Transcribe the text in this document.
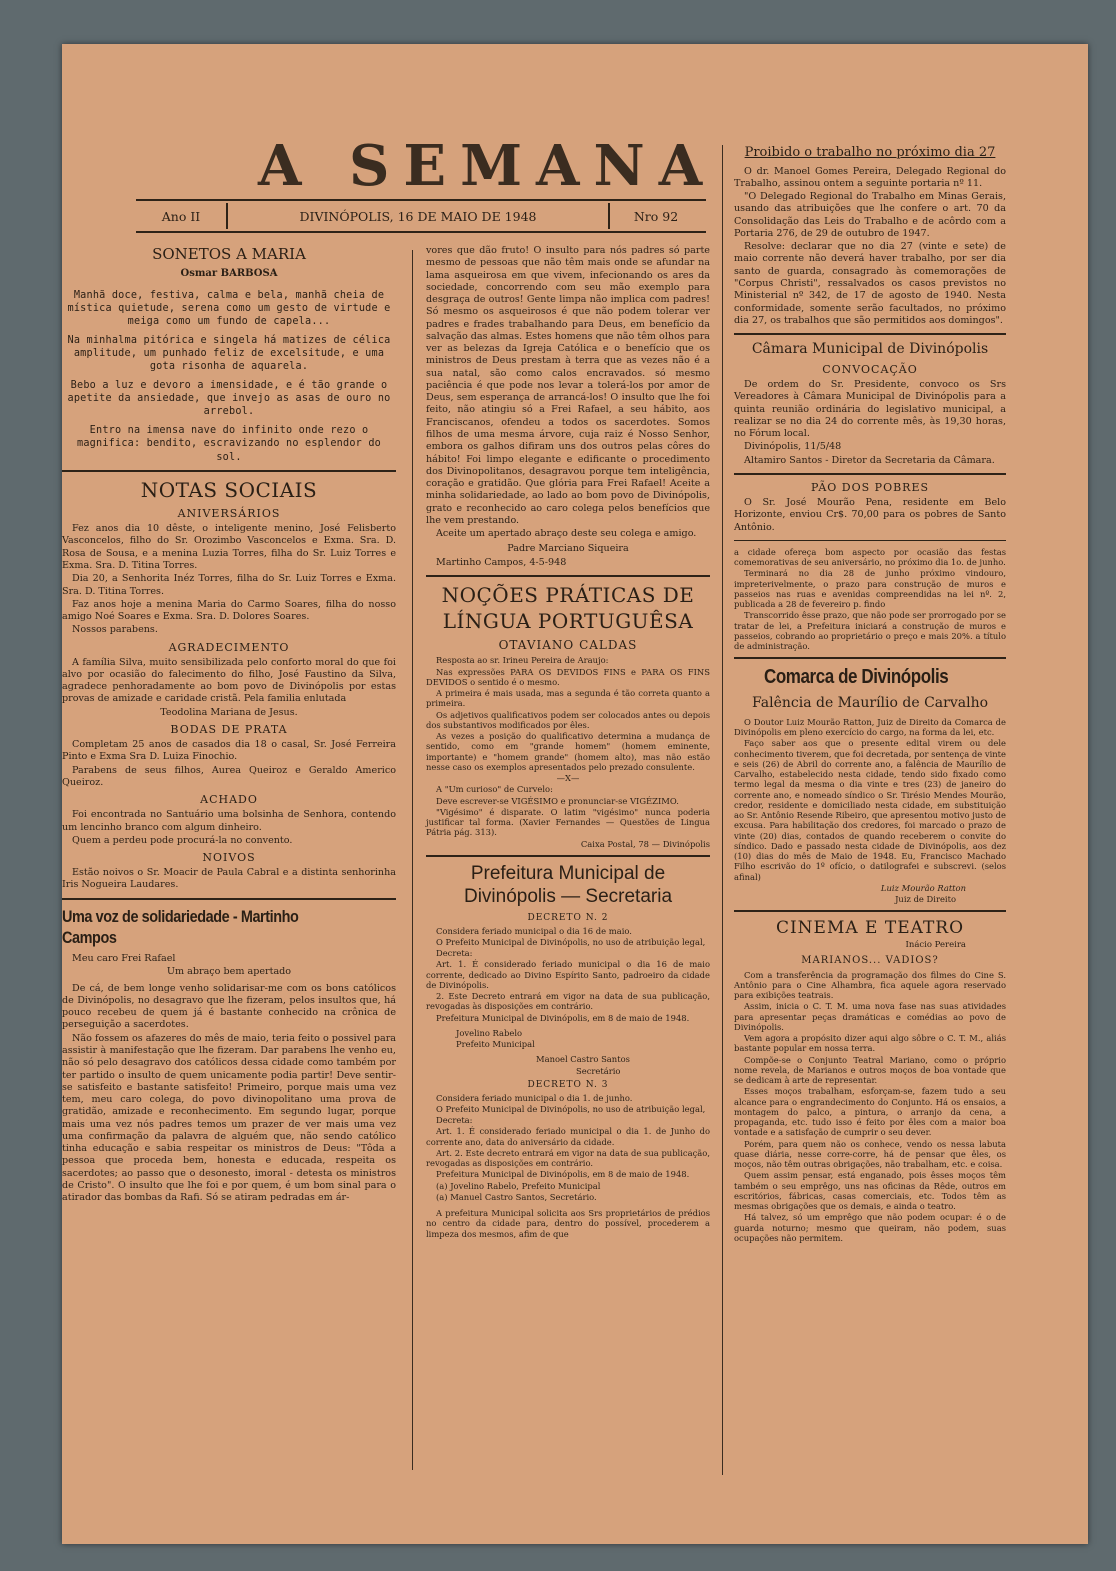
A SEMANA
Ano II	DIVINÓPOLIS, 16 DE MAIO DE 1948	Nro 92
SONETOS A MARIA

Osmar BARBOSA

Manhã doce, festiva, calma e bela, manhã cheia de mística quietude, serena como um gesto de virtude e meiga como um fundo de capela...

Na minhalma pitórica e singela há matizes de célica amplitude, um punhado feliz de excelsitude, e uma gota risonha de aquarela.

Bebo a luz e devoro a imensidade, e é tão grande o apetite da ansiedade, que invejo as asas de ouro no arrebol.

Entro na imensa nave do infinito onde rezo o magnifica: bendito, escravizando no esplendor do sol.

NOTAS SOCIAIS
ANIVERSÁRIOS

Fez anos dia 10 dêste, o inteligente menino, José Felisberto Vasconcelos, filho do Sr. Orozimbo Vasconcelos e Exma. Sra. D. Rosa de Sousa, e a menina Luzia Torres, filha do Sr. Luiz Torres e Exma. Sra. D. Titina Torres.

Dia 20, a Senhorita Inéz Torres, filha do Sr. Luiz Torres e Exma. Sra. D. Titina Torres.

Faz anos hoje a menina Maria do Carmo Soares, filha do nosso amigo Noé Soares e Exma. Sra. D. Dolores Soares.

Nossos parabens.

AGRADECIMENTO

A família Silva, muito sensibilizada pelo conforto moral do que foi alvo por ocasião do falecimento do filho, José Faustino da Silva, agradece penhoradamente ao bom povo de Divinópolis por estas provas de amizade e caridade cristã. Pela familia enlutada

Teodolina Mariana de Jesus.

BODAS DE PRATA

Completam 25 anos de casados dia 18 o casal, Sr. José Ferreira Pinto e Exma Sra D. Luiza Finochio.

Parabens de seus filhos, Aurea Queiroz e Geraldo Americo Queiroz.

ACHADO

Foi encontrada no Santuário uma bolsinha de Senhora, contendo um lencinho branco com algum dinheiro.

Quem a perdeu pode procurá-la no convento.

NOIVOS

Estão noivos o Sr. Moacir de Paula Cabral e a distinta senhorinha Iris Nogueira Laudares.

Uma voz de solidariedade - Martinho Campos

Meu caro Frei Rafael

Um abraço bem apertado

De cá, de bem longe venho solidarisar-me com os bons católicos de Divinópolis, no desagravo que lhe fizeram, pelos insultos que, há pouco recebeu de quem já é bastante conhecido na crônica de perseguição a sacerdotes.

Não fossem os afazeres do mês de maio, teria feito o possivel para assistir à manifestação que lhe fizeram. Dar parabens lhe venho eu, não só pelo desagravo dos católicos dessa cidade como também por ter partido o insulto de quem unicamente podia partir! Deve sentir-se satisfeito e bastante satisfeito! Primeiro, porque mais uma vez tem, meu caro colega, do povo divinopolitano uma prova de gratidão, amizade e reconhecimento. Em segundo lugar, porque mais uma vez nós padres temos um prazer de ver mais uma vez uma confirmação da palavra de alguém que, não sendo católico tinha educação e sabia respeitar os ministros de Deus: "Tôda a pessoa que proceda bem, honesta e educada, respeita os sacerdotes; ao passo que o desonesto, imoral - detesta os ministros de Cristo". O insulto que lhe foi e por quem, é um bom sinal para o atirador das bombas da Rafi. Só se atiram pedradas em ár-

vores que dão fruto! O insulto para nós padres só parte mesmo de pessoas que não têm mais onde se afundar na lama asqueirosa em que vivem, infecionando os ares da sociedade, concorrendo com seu mão exemplo para desgraça de outros! Gente limpa não implica com padres! Só mesmo os asqueirosos é que não podem tolerar ver padres e frades trabalhando para Deus, em benefício da salvação das almas. Estes homens que não têm olhos para ver as belezas da Igreja Católica e o benefício que os ministros de Deus prestam à terra que as vezes não é a sua natal, são como calos encravados. só mesmo paciência é que pode nos levar a tolerá-los por amor de Deus, sem esperança de arrancá-los! O insulto que lhe foi feito, não atingiu só a Frei Rafael, a seu hábito, aos Franciscanos, ofendeu a todos os sacerdotes. Somos filhos de uma mesma árvore, cuja raiz é Nosso Senhor, embora os galhos difiram uns dos outros pelas côres do hábito! Foi limpo elegante e edificante o procedimento dos Divinopolitanos, desagravou porque tem inteligência, coração e gratidão. Que glória para Frei Rafael! Aceite a minha solidariedade, ao lado ao bom povo de Divinópolis, grato e reconhecido ao caro colega pelos benefícios que lhe vem prestando.

Aceite um apertado abraço deste seu colega e amigo.

Padre Marciano Siqueira

Martinho Campos, 4-5-948

NOÇÕES PRÁTICAS DE
LÍNGUA PORTUGUÊSA
OTAVIANO CALDAS

Resposta ao sr. Irineu Pereira de Araujo:

Nas expressões PARA OS DEVIDOS FINS e PARA OS FINS DEVIDOS o sentido é o mesmo.

A primeira é mais usada, mas a segunda é tão correta quanto a primeira.

Os adjetivos qualificativos podem ser colocados antes ou depois dos substantivos modificados por êles.

As vezes a posição do qualificativo determina a mudança de sentido, como em "grande homem" (homem eminente, importante) e "homem grande" (homem alto), mas não estão nesse caso os exemplos apresentados pelo prezado consulente.

—X—

A "Um curioso" de Curvelo:

Deve escrever-se VIGÉSIMO e pronunciar-se VIGÉZIMO.

"Vigésimo" é disparate. O latim "vigésimo" nunca poderia justificar tal forma. (Xavier Fernandes — Questões de Lingua Pátria pág. 313).

Caixa Postal, 78 — Divinópolis

Prefeitura Municipal de Divinópolis — Secretaria
DECRETO N. 2

Considera feriado municipal o dia 16 de maio.

O Prefeito Municipal de Divinópolis, no uso de atribuição legal,

Decreta:

Art. 1. É considerado feriado municipal o dia 16 de maio corrente, dedicado ao Divino Espírito Santo, padroeiro da cidade de Divinópolis.

2. Este Decreto entrará em vigor na data de sua publicação, revogadas às disposições em contrário.

Prefeitura Municipal de Divinópolis, em 8 de maio de 1948.

Jovelino Rabelo

Prefeito Municipal

Manoel Castro Santos

Secretário

DECRETO N. 3

Considera feriado municipal o dia 1. de junho.

O Prefeito Municipal de Divinópolis, no uso de atribuição legal,

Decreta:

Art. 1. É considerado feriado municipal o dia 1. de Junho do corrente ano, data do aniversário da cidade.

Art. 2. Este decreto entrará em vigor na data de sua publicação, revogadas as disposições em contrário.

Prefeitura Municipal de Divinópolis, em 8 de maio de 1948.

(a) Jovelino Rabelo, Prefeito Municipal

(a) Manuel Castro Santos, Secretário.

A prefeitura Municipal solicita aos Srs proprietários de prédios no centro da cidade para, dentro do possível, procederem a limpeza dos mesmos, afim de que

Proibido o trabalho no próximo dia 27

O dr. Manoel Gomes Pereira, Delegado Regional do Trabalho, assinou ontem a seguinte portaria nº 11.

"O Delegado Regional do Trabalho em Minas Gerais, usando das atribuições que lhe confere o art. 70 da Consolidação das Leis do Trabalho e de acôrdo com a Portaria 276, de 29 de outubro de 1947.

Resolve: declarar que no dia 27 (vinte e sete) de maio corrente não deverá haver trabalho, por ser dia santo de guarda, consagrado às comemorações de "Corpus Christi", ressalvados os casos previstos no Ministerial nº 342, de 17 de agosto de 1940. Nesta conformidade, somente serão facultados, no próximo dia 27, os trabalhos que são permitidos aos domingos".

Câmara Municipal de Divinópolis
CONVOCAÇÃO

De ordem do Sr. Presidente, convoco os Srs Vereadores à Câmara Municipal de Divinópolis para a quinta reunião ordinária do legislativo municipal, a realizar se no dia 24 do corrente mês, às 19,30 horas, no Fórum local.

Divinópolis, 11/5/48

Altamiro Santos - Diretor da Secretaria da Câmara.

PÃO DOS POBRES

O Sr. José Mourão Pena, residente em Belo Horizonte, enviou Cr$. 70,00 para os pobres de Santo Antônio.

a cidade ofereça bom aspecto por ocasião das festas comemorativas de seu aniversário, no próximo dia 1o. de junho.

Terminará no dia 28 de junho próximo vindouro, impreterivelmente, o prazo para construção de muros e passeios nas ruas e avenidas compreendidas na lei nº. 2, publicada a 28 de fevereiro p. findo

Transcorrido êsse prazo, que não pode ser prorrogado por se tratar de lei, a Prefeitura iniciará a construção de muros e passeios, cobrando ao proprietário o preço e mais 20%. a título de administração.

Comarca de Divinópolis
Falência de Maurílio de Carvalho

O Doutor Luiz Mourão Ratton, Juiz de Direito da Comarca de Divinópolis em pleno exercício do cargo, na forma da lei, etc.

Faço saber aos que o presente edital virem ou dele conhecimento tiverem, que foi decretada, por sentença de vinte e seis (26) de Abril do corrente ano, a falência de Maurílio de Carvalho, estabelecido nesta cidade, tendo sido fixado como termo legal da mesma o dia vinte e tres (23) de janeiro do corrente ano, e nomeado síndico o Sr. Tirésio Mendes Mourão, credor, residente e domiciliado nesta cidade, em substituição ao Sr. Antônio Resende Ribeiro, que apresentou motivo justo de excusa. Para habilitação dos credores, foi marcado o prazo de vinte (20) dias, contados de quando receberem o convite do síndico. Dado e passado nesta cidade de Divinópolis, aos dez (10) dias do mês de Maio de 1948. Eu, Francisco Machado Filho escrivão do 1º ofício, o datilografei e subscrevi. (selos afinal)

Luiz Mourão Ratton

Juiz de Direito

CINEMA E TEATRO

Inácio Pereira

MARIANOS... VADIOS?

Com a transferência da programação dos filmes do Cine S. Antônio para o Cine Alhambra, fica aquele agora reservado para exibições teatrais.

Assim, inicia o C. T. M. uma nova fase nas suas atividades para apresentar peças dramáticas e comédias ao povo de Divinópolis.

Vem agora a propósito dizer aqui algo sôbre o C. T. M., aliás bastante popular em nossa terra.

Compõe-se o Conjunto Teatral Mariano, como o próprio nome revela, de Marianos e outros moços de boa vontade que se dedicam à arte de representar.

Esses moços trabalham, esforçam-se, fazem tudo a seu alcance para o engrandecimento do Conjunto. Há os ensaios, a montagem do palco, a pintura, o arranjo da cena, a propaganda, etc. tudo isso é feito por êles com a maior boa vontade e a satisfação de cumprir o seu dever.

Porém, para quem não os conhece, vendo os nessa labuta quase diária, nesse corre-corre, há de pensar que êles, os moços, não têm outras obrigações, não trabalham, etc. e coisa.

Quem assim pensar, está enganado, pois êsses moços têm também o seu emprêgo, uns nas oficinas da Rêde, outros em escritórios, fábricas, casas comerciais, etc. Todos têm as mesmas obrigações que os demais, e ainda o teatro.

Há talvez, só um emprêgo que não podem ocupar: é o de guarda noturno; mesmo que queiram, não podem, suas ocupações não permitem.
